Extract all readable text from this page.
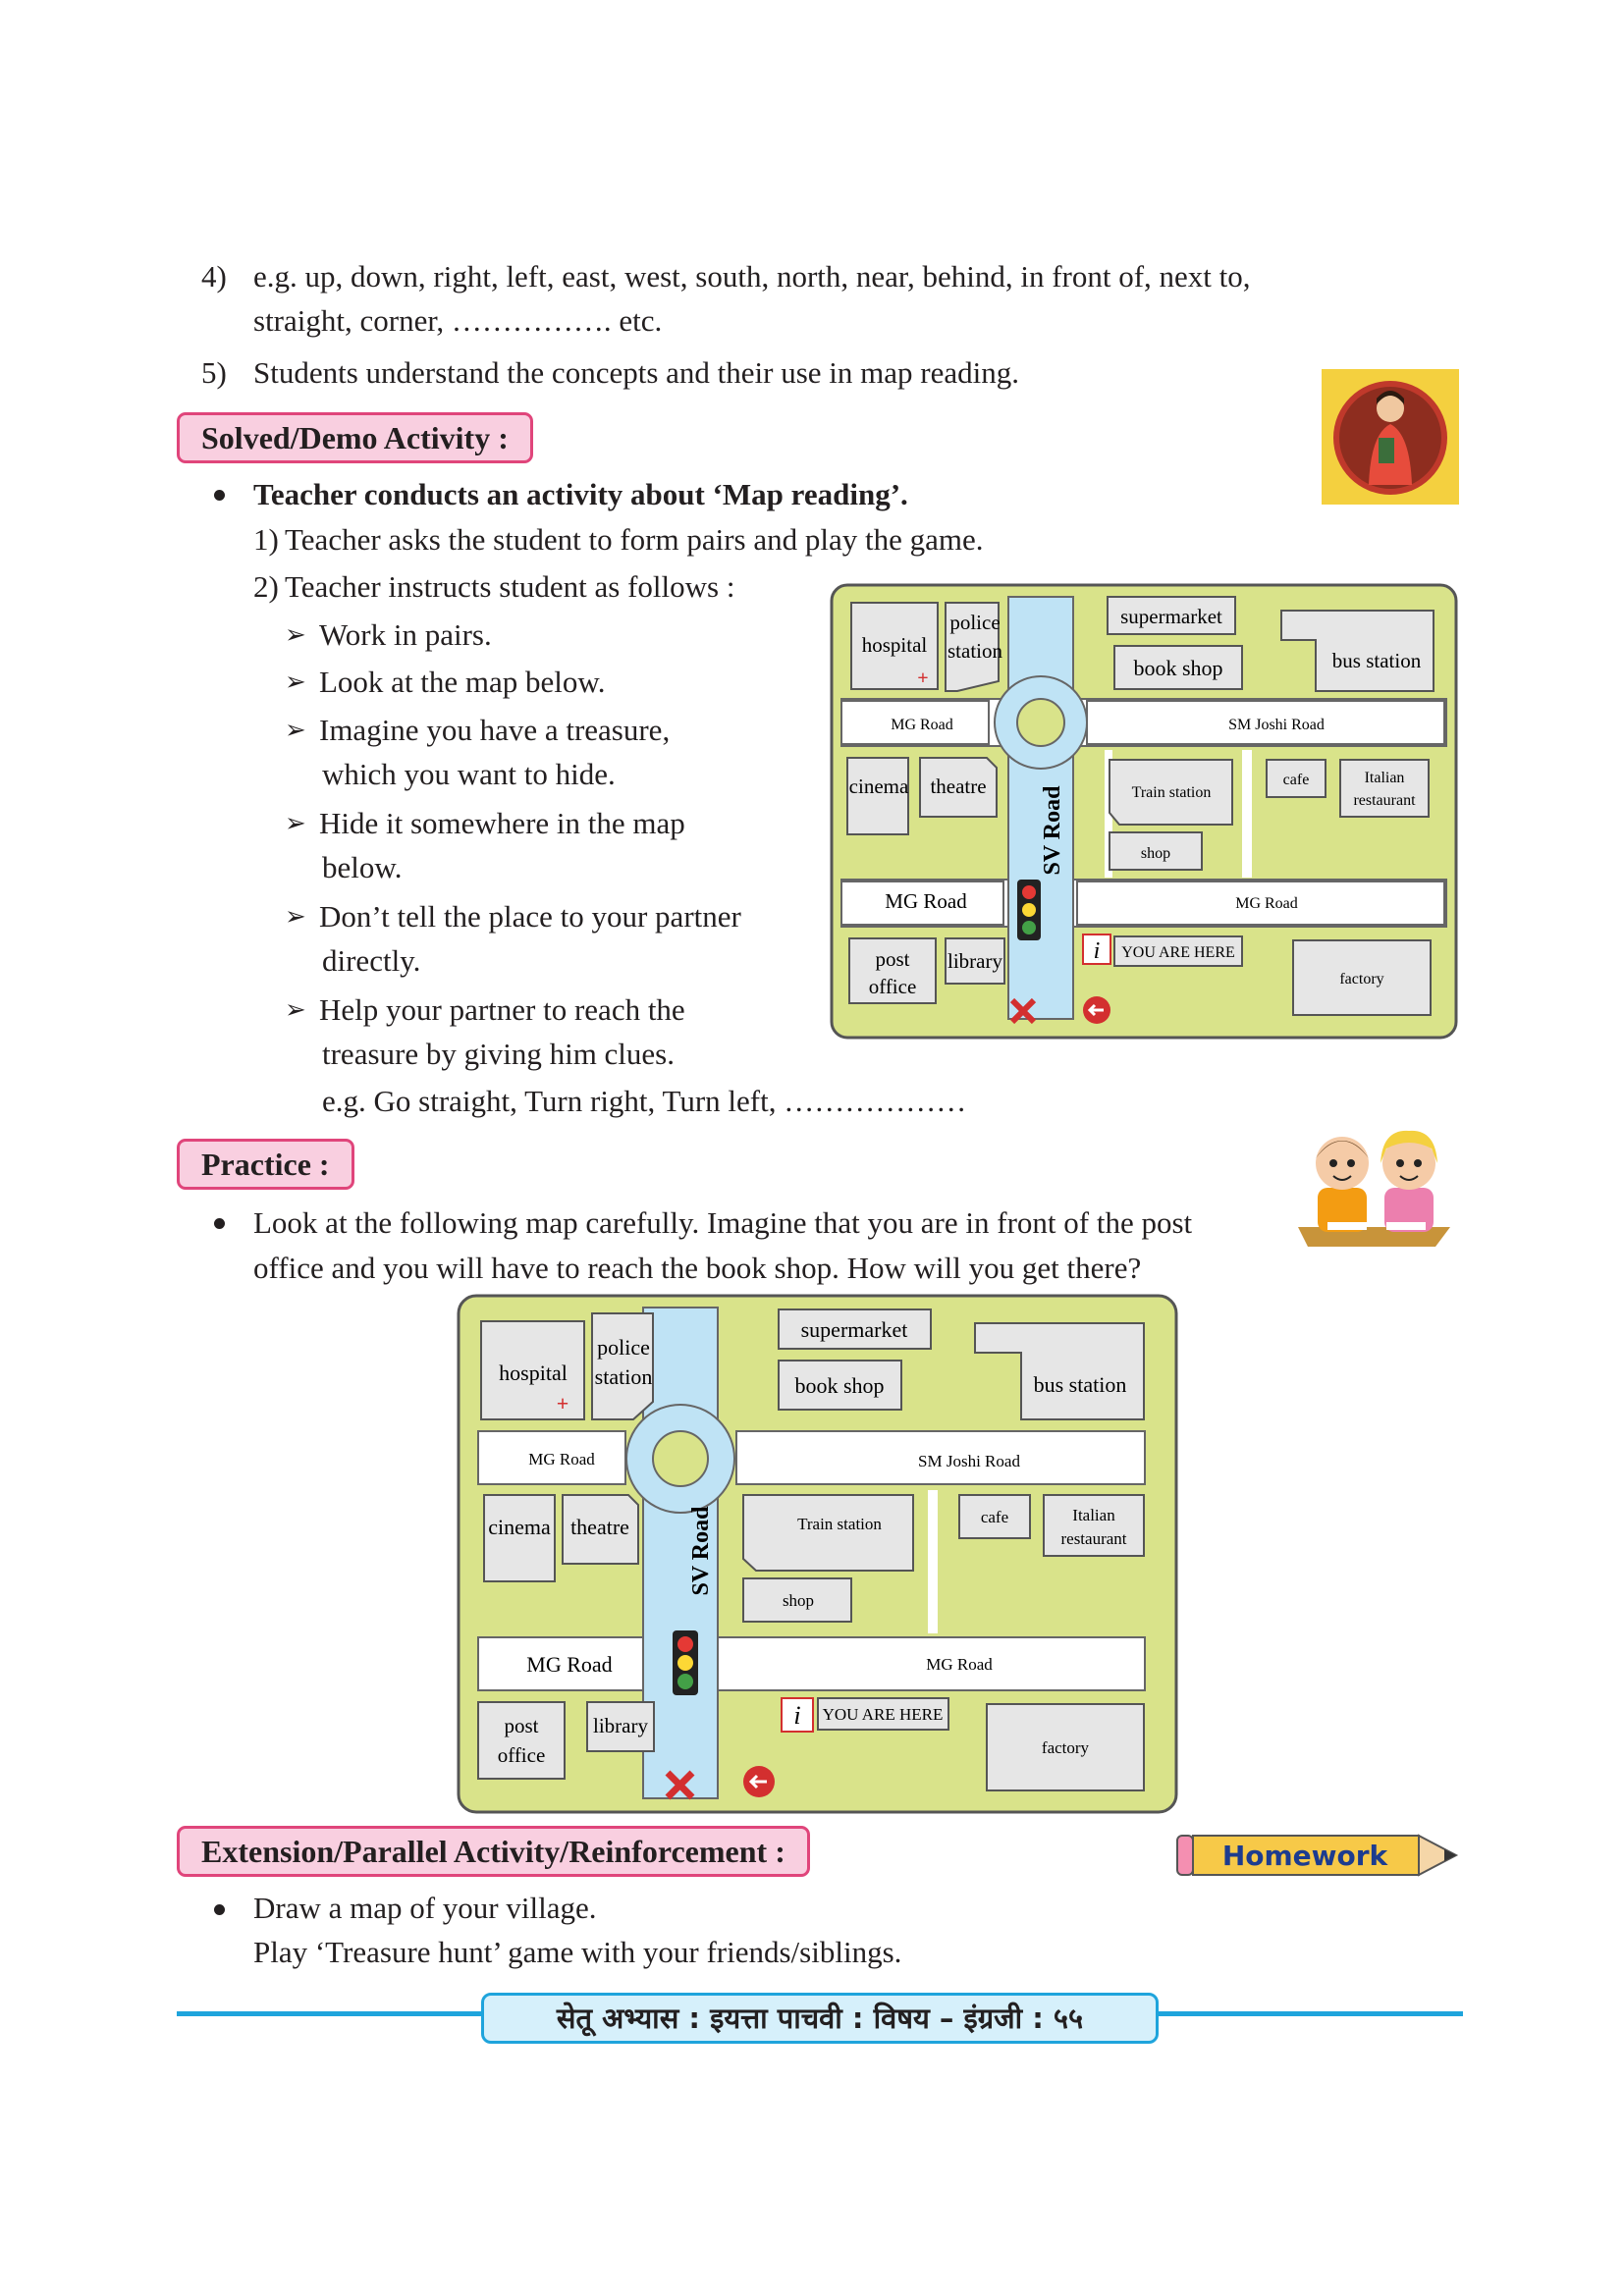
4) e.g. up, down, right, left, east, west, south, north, near, behind, in front of, next to,
straight, corner, ……………. etc.
5) Students understand the concepts and their use in map reading.
Solved/Demo Activity :
Teacher conducts an activity about ‘Map reading’.
1) Teacher asks the student to form pairs and play the game.
2) Teacher instructs student as follows :
➢ Work in pairs.
➢ Look at the map below.
➢ Imagine you have a treasure,
which you want to hide.
➢ Hide it somewhere in the map
below.
➢ Don’t tell the place to your partner
directly.
➢ Help your partner to reach the
treasure by giving him clues.
e.g. Go straight, Turn right, Turn left, ………………
hospital
+
police
station
supermarket
book shop	bus station
MG Road	SM Joshi Road
cinema theatre	Train station
shop
cafe	Italian
restaurant
MG Road	MG Road
post
office
library	i YOU ARE HERE
factory
SV Road
Practice :
Look at the following map carefully. Imagine that you are in front of the post
office and you will have to reach the book shop. How will you get there?
hospital
+
police
station
supermarket
book shop	bus station
MG Road	SM Joshi Road
cinema theatre	Train station
shop
cafe	Italian
restaurant
MG Road	MG Road
post
office
library	i YOU ARE HERE
factory
SV Road
Extension/Parallel Activity/Reinforcement :
Draw a map of your village.
Play ‘Treasure hunt’ game with your friends/siblings.
Homework
सेतू अभ्यास : इयत्ता पाचवी : विषय – इंग्रजी : ५५
